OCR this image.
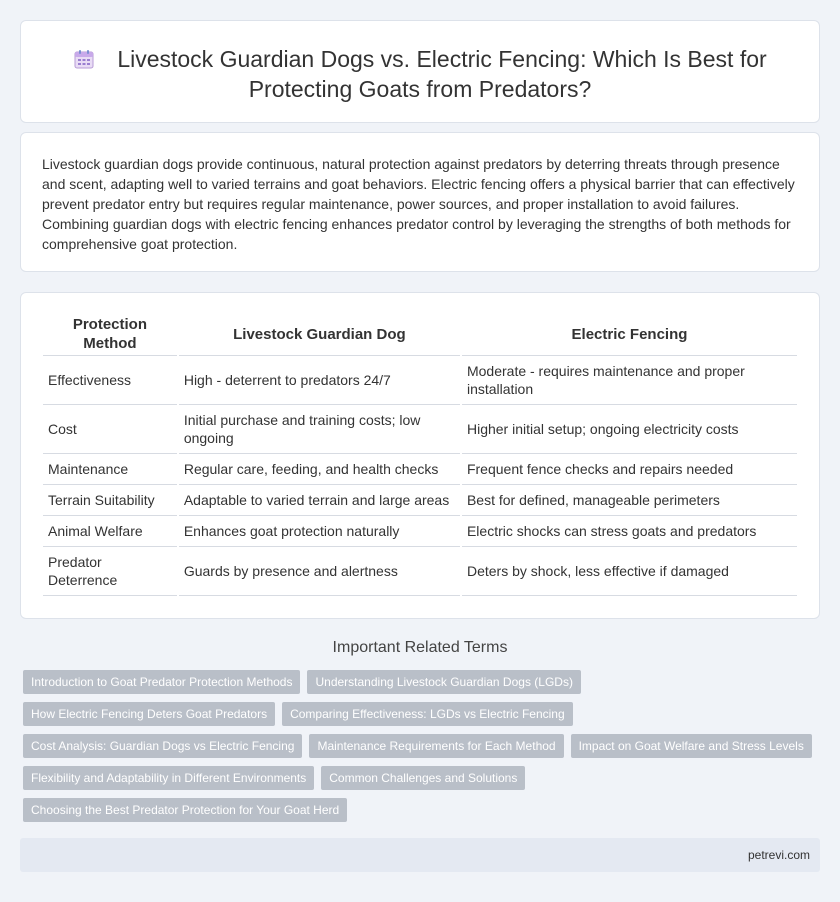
Livestock Guardian Dogs vs. Electric Fencing: Which Is Best for Protecting Goats from Predators?

Livestock guardian dogs provide continuous, natural protection against predators by deterring threats through presence and scent, adapting well to varied terrains and goat behaviors. Electric fencing offers a physical barrier that can effectively prevent predator entry but requires regular maintenance, power sources, and proper installation to avoid failures. Combining guardian dogs with electric fencing enhances predator control by leveraging the strengths of both methods for comprehensive goat protection.

Protection Method	Livestock Guardian Dog	Electric Fencing
Effectiveness	High - deterrent to predators 24/7	Moderate - requires maintenance and proper installation
Cost	Initial purchase and training costs; low ongoing	Higher initial setup; ongoing electricity costs
Maintenance	Regular care, feeding, and health checks	Frequent fence checks and repairs needed
Terrain Suitability	Adaptable to varied terrain and large areas	Best for defined, manageable perimeters
Animal Welfare	Enhances goat protection naturally	Electric shocks can stress goats and predators
Predator Deterrence	Guards by presence and alertness	Deters by shock, less effective if damaged
Important Related Terms
Introduction to Goat Predator Protection Methods	Understanding Livestock Guardian Dogs (LGDs)
How Electric Fencing Deters Goat Predators	Comparing Effectiveness: LGDs vs Electric Fencing
Cost Analysis: Guardian Dogs vs Electric Fencing	Maintenance Requirements for Each Method	Impact on Goat Welfare and Stress Levels
Flexibility and Adaptability in Different Environments	Common Challenges and Solutions
Choosing the Best Predator Protection for Your Goat Herd
petrevi.com
